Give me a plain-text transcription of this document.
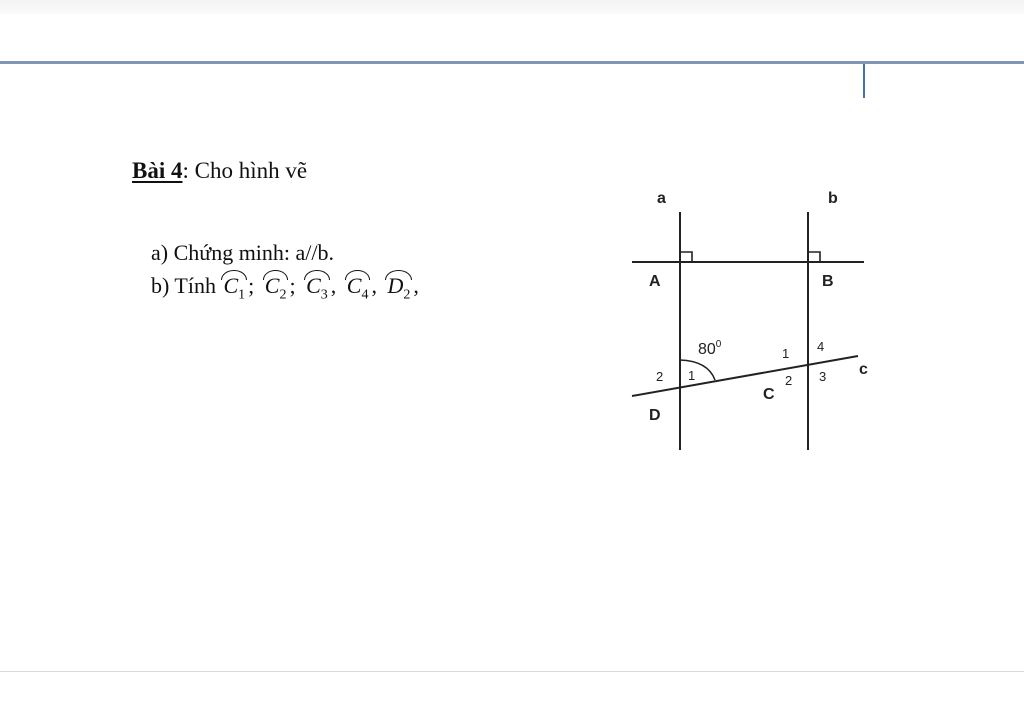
Bài 4: Cho hình vẽ
a) Chứng minh: a//b.
b) Tính $C_1$ ; $C_2$ ; $C_3$ , $C_4$ , $D_2$ ,
a	b
c
A	B
C
D
$80^0$
2 1
1
2 3
4
